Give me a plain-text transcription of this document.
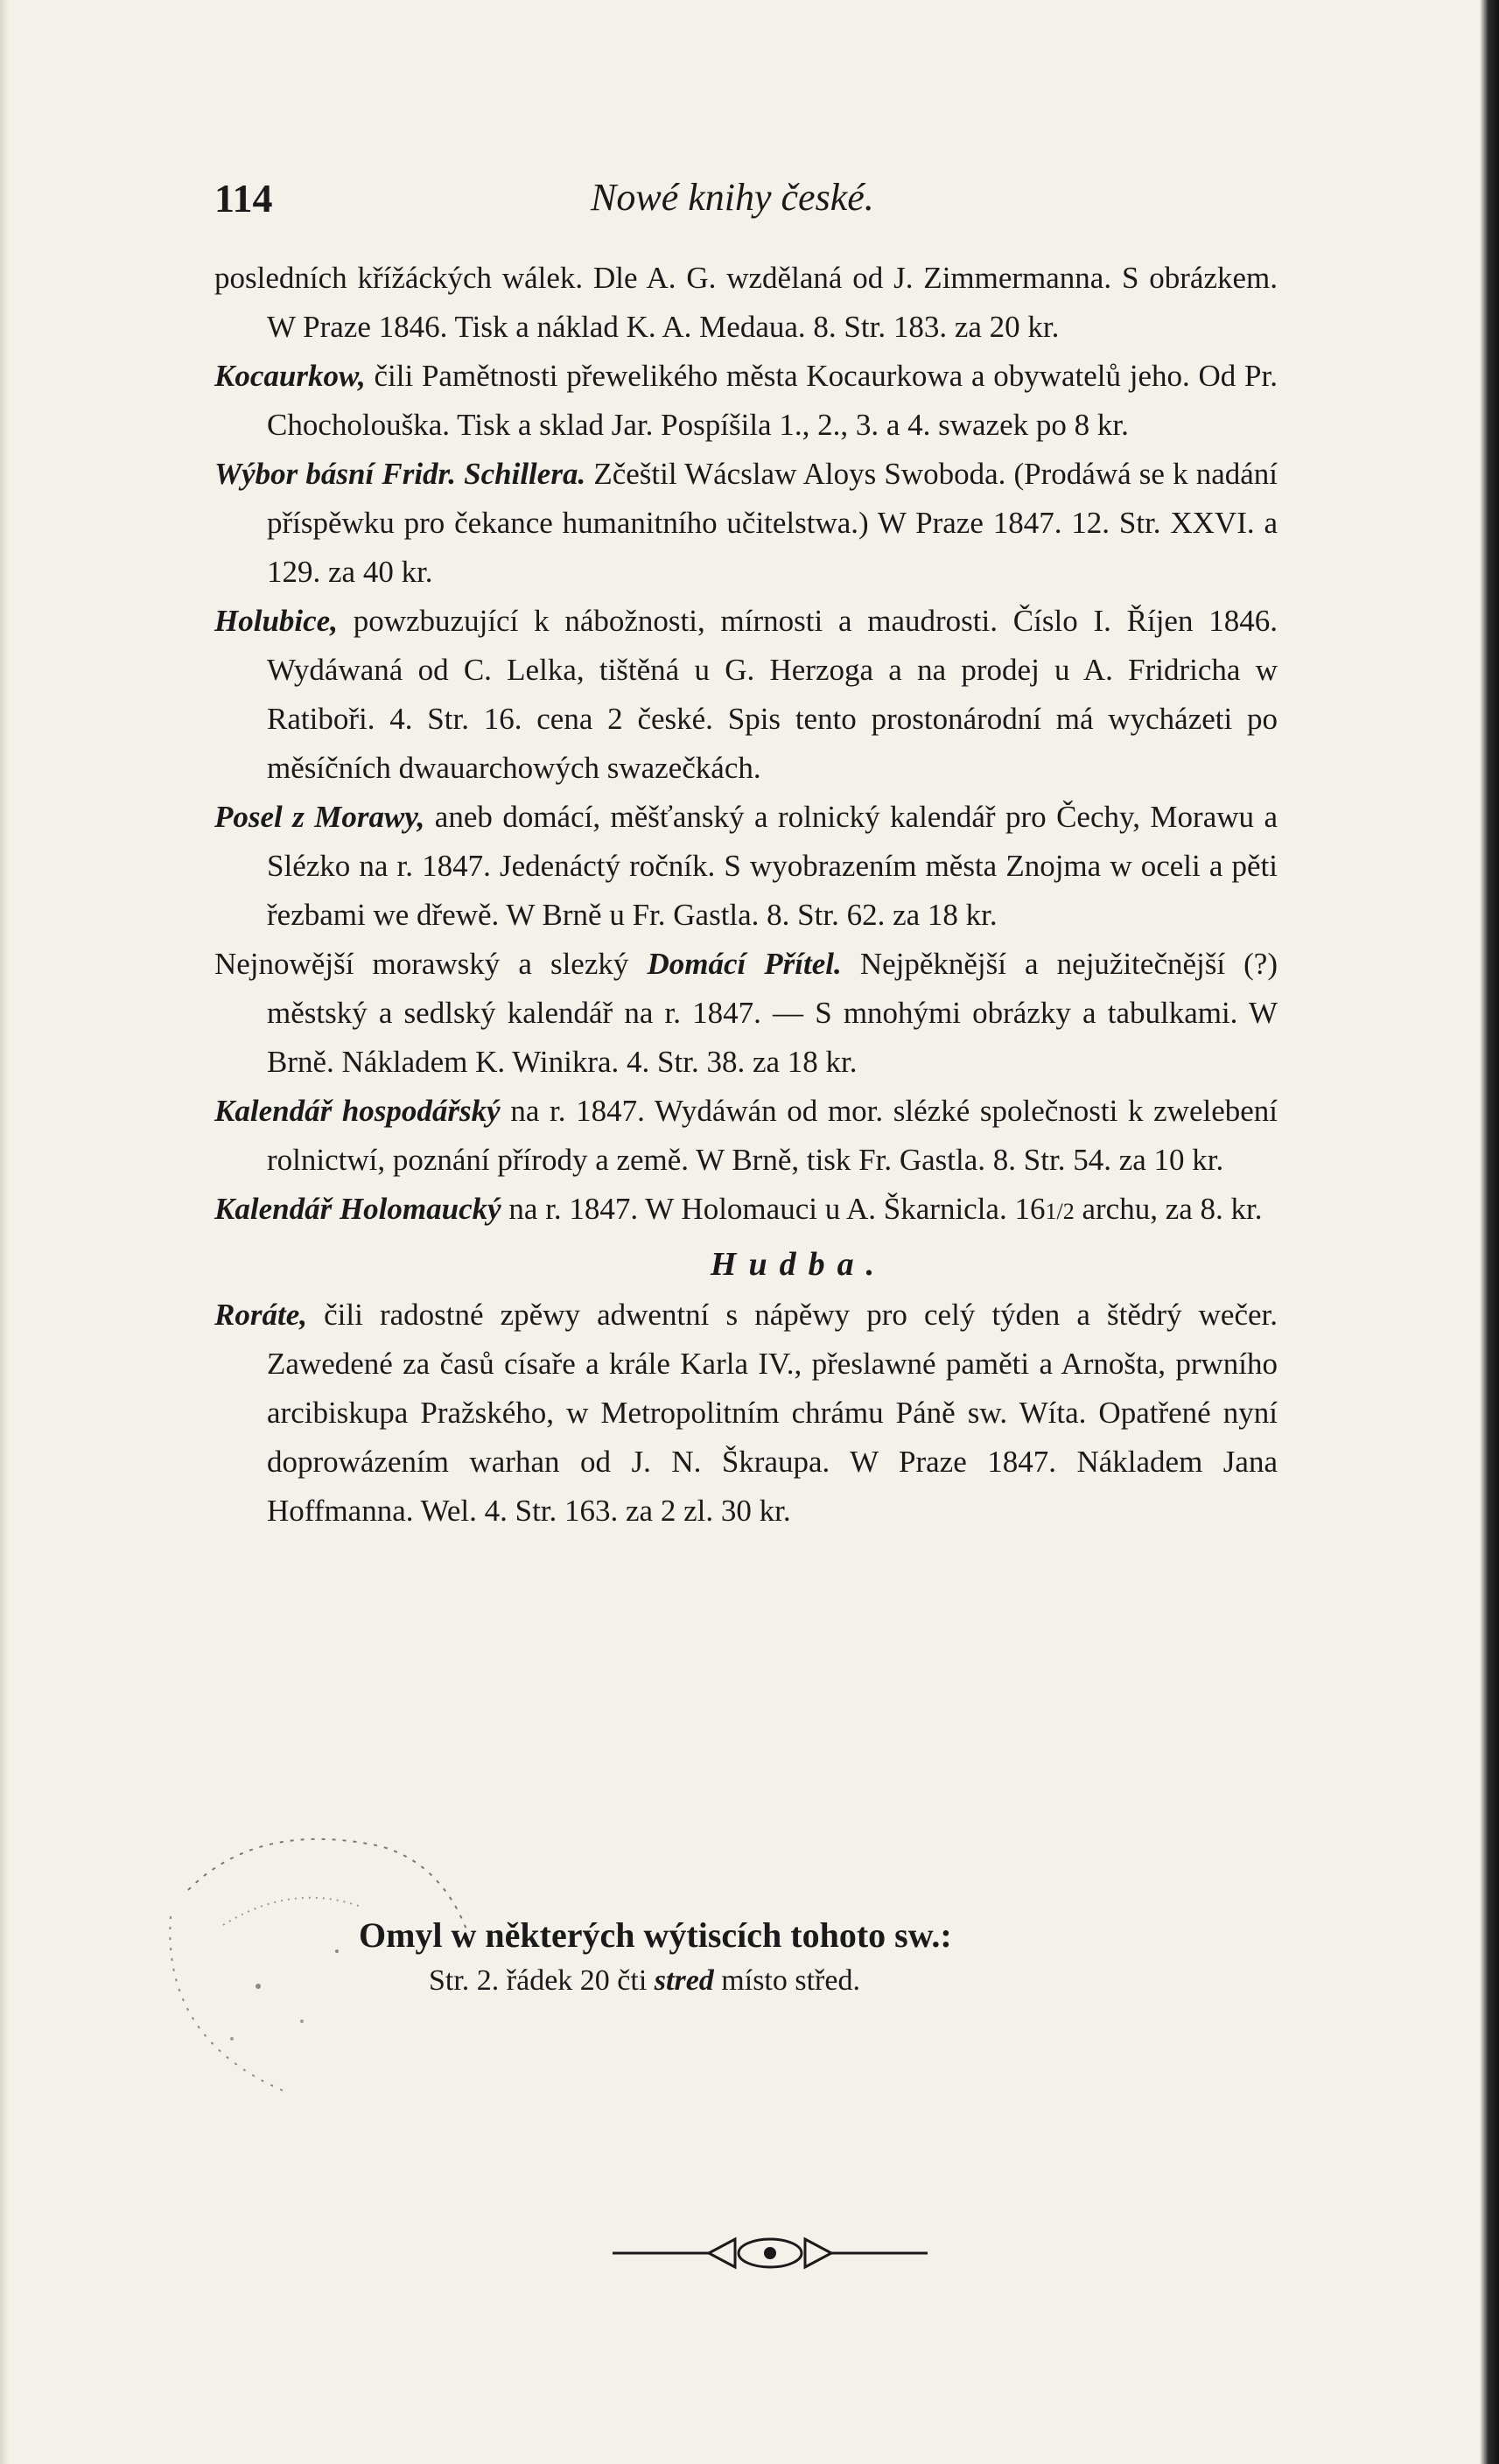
114	Nowé knihy české.

posledních křížáckých wálek. Dle A. G. wzdělaná od J. Zimmermanna. S obrázkem. W Praze 1846. Tisk a náklad K. A. Medaua. 8. Str. 183. za 20 kr.

Kocaurkow, čili Pamětnosti přewelikého města Kocaurkowa a obywatelů jeho. Od Pr. Chocholouška. Tisk a sklad Jar. Pospíšila 1., 2., 3. a 4. swazek po 8 kr.

Wýbor básní Fridr. Schillera. Zčeštil Wácslaw Aloys Swoboda. (Prodáwá se k nadání příspěwku pro čekance humanitního učitelstwa.) W Praze 1847. 12. Str. XXVI. a 129. za 40 kr.

Holubice, powzbuzující k nábožnosti, mírnosti a maudrosti. Číslo I. Říjen 1846. Wydáwaná od C. Lelka, tištěná u G. Herzoga a na prodej u A. Fridricha w Ratiboři. 4. Str. 16. cena 2 české. Spis tento prostonárodní má wycházeti po měsíčních dwauarchowých swazečkách.

Posel z Morawy, aneb domácí, měšťanský a rolnický kalendář pro Čechy, Morawu a Slézko na r. 1847. Jedenáctý ročník. S wyobrazením města Znojma w oceli a pěti řezbami we dřewě. W Brně u Fr. Gastla. 8. Str. 62. za 18 kr.

Nejnowější morawský a slezký Domácí Přítel. Nejpěknější a nejužitečnější (?) městský a sedlský kalendář na r. 1847. — S mnohými obrázky a tabulkami. W Brně. Nákladem K. Winikra. 4. Str. 38. za 18 kr.

Kalendář hospodářský na r. 1847. Wydáwán od mor. slézké společnosti k zwelebení rolnictwí, poznání přírody a země. W Brně, tisk Fr. Gastla. 8. Str. 54. za 10 kr.

Kalendář Holomaucký na r. 1847. W Holomauci u A. Škarnicla. 161/2 archu, za 8. kr.

Hudba.

Roráte, čili radostné zpěwy adwentní s nápěwy pro celý týden a štědrý wečer. Zawedené za časů císaře a krále Karla IV., přeslawné paměti a Arnošta, prwního arcibiskupa Pražského, w Metropolitním chrámu Páně sw. Wíta. Opatřené nyní doprowázením warhan od J. N. Škraupa. W Praze 1847. Nákladem Jana Hoffmanna. Wel. 4. Str. 163. za 2 zl. 30 kr.

Omyl w některých wýtiscích tohoto sw.:
Str. 2. řádek 20 čti stred místo střed.
